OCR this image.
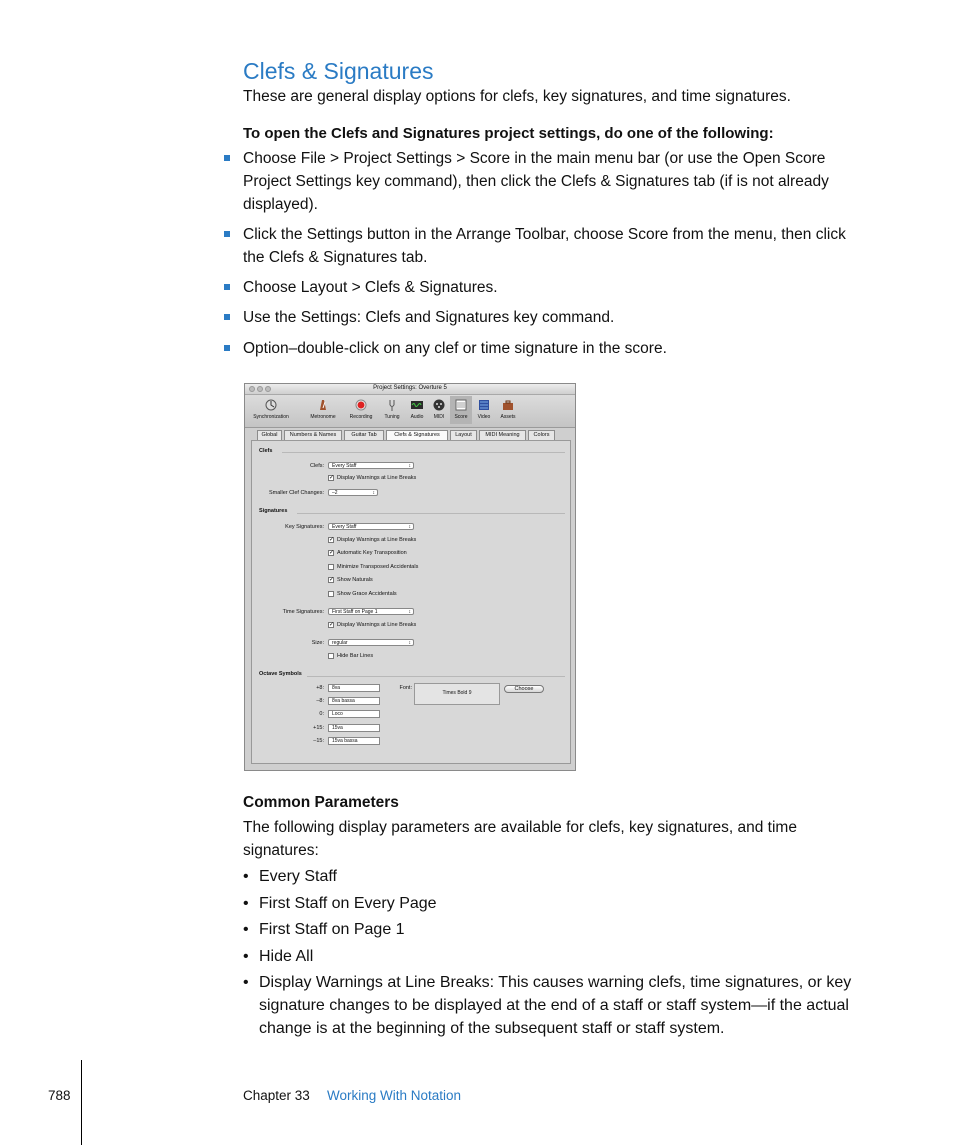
Clefs & Signatures
These are general display options for clefs, key signatures, and time signatures.
To open the Clefs and Signatures project settings, do one of the following:
Choose File > Project Settings > Score in the main menu bar (or use the Open Score Project Settings key command), then click the Clefs & Signatures tab (if is not already displayed).
Click the Settings button in the Arrange Toolbar, choose Score from the menu, then click the Clefs & Signatures tab.
Choose Layout > Clefs & Signatures.
Use the Settings: Clefs and Signatures key command.
Option–double-click on any clef or time signature in the score.
Project Settings: Overture 5
Synchronization	Metronome	Recording	Tuning	Audio	MIDI	Score	Video	Assets
Global	Numbers & Names	Guitar Tab	Clefs & Signatures	Layout	MIDI Meaning	Colors
Clefs
Clefs:	Every Staff	↕
✓ Display Warnings at Line Breaks
Smaller Clef Changes:	–2	↕
Signatures
Key Signatures:	Every Staff	↕
✓ Display Warnings at Line Breaks
✓ Automatic Key Transposition
Minimize Transposed Accidentals
✓ Show Naturals
Show Grace Accidentals
Time Signatures:	First Staff on Page 1	↕
✓ Display Warnings at Line Breaks
Size:	regular	↕
Hide Bar Lines
Octave Symbols
+8:	8va
–8:	8va bassa
0:	Loco
+15:	15va
–15:	15va bassa
Font:
Times Bold 9
Choose
Common Parameters
The following display parameters are available for clefs, key signatures, and time signatures:
• Every Staff
• First Staff on Every Page
• First Staff on Page 1
• Hide All
• Display Warnings at Line Breaks: This causes warning clefs, time signatures, or key signature changes to be displayed at the end of a staff or staff system—if the actual change is at the beginning of the subsequent staff or staff system.
788	Chapter 33 Working With Notation
